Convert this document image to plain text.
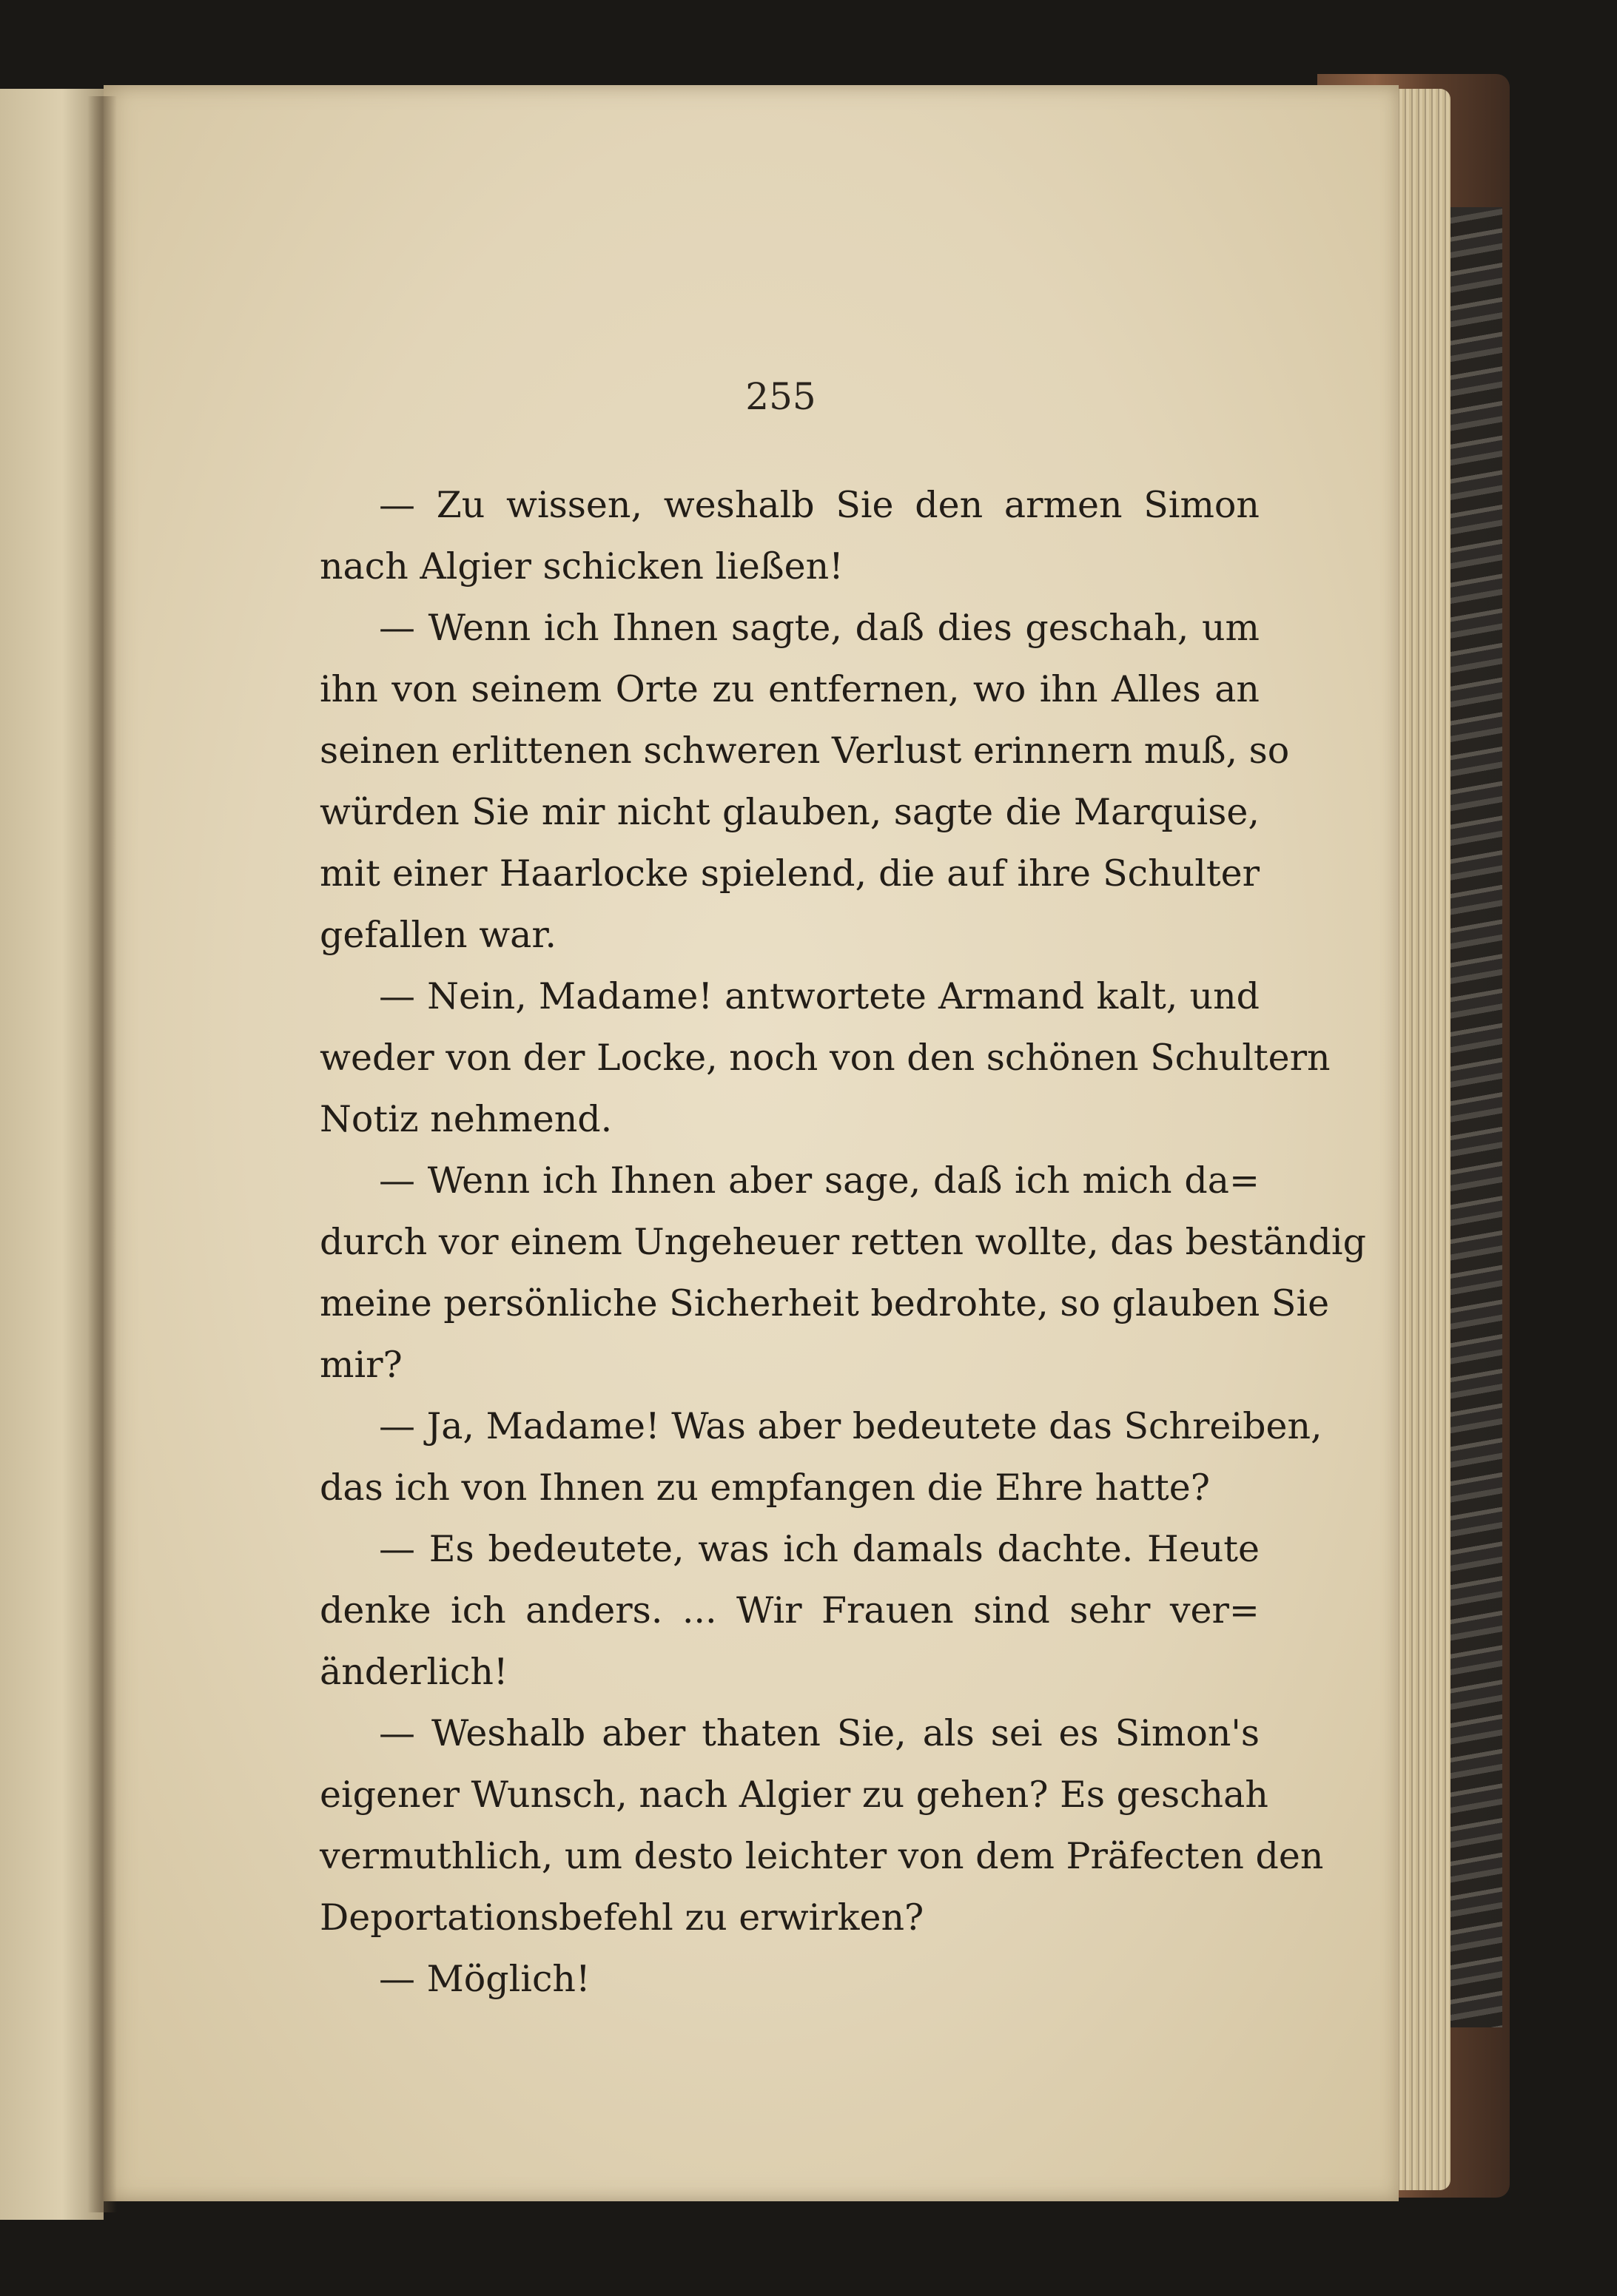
255
— Zu wissen, weshalb Sie den armen Simon
nach Algier schicken ließen!
— Wenn ich Ihnen sagte, daß dies geschah, um
ihn von seinem Orte zu entfernen, wo ihn Alles an
seinen erlittenen schweren Verlust erinnern muß, so
würden Sie mir nicht glauben, sagte die Marquise,
mit einer Haarlocke spielend, die auf ihre Schulter
gefallen war.
— Nein, Madame! antwortete Armand kalt, und
weder von der Locke, noch von den schönen Schultern
Notiz nehmend.
— Wenn ich Ihnen aber sage, daß ich mich da=
durch vor einem Ungeheuer retten wollte, das beständig
meine persönliche Sicherheit bedrohte, so glauben Sie
mir?
— Ja, Madame! Was aber bedeutete das Schreiben,
das ich von Ihnen zu empfangen die Ehre hatte?
— Es bedeutete, was ich damals dachte. Heute
denke ich anders. ... Wir Frauen sind sehr ver=
änderlich!
— Weshalb aber thaten Sie, als sei es Simon's
eigener Wunsch, nach Algier zu gehen? Es geschah
vermuthlich, um desto leichter von dem Präfecten den
Deportationsbefehl zu erwirken?
— Möglich!
